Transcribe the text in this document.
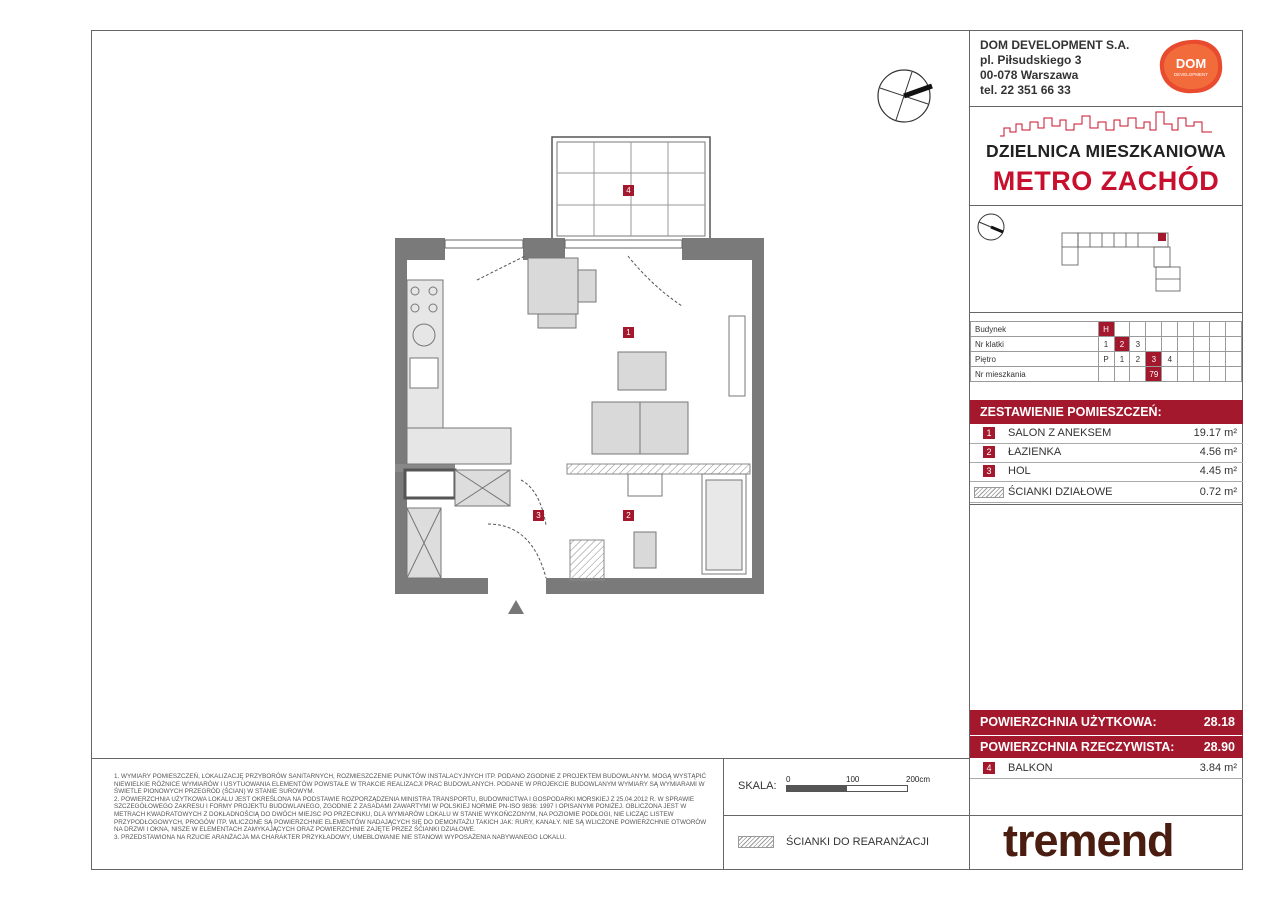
DOM DEVELOPMENT S.A.
pl. Piłsudskiego 3
00-078 Warszawa
tel. 22 351 66 33
DOM
DEVELOPMENT
DZIELNICA MIESZKANIOWA
METRO ZACHÓD
Budynek	H								
Nr klatki	1	2	3						
Piętro	P	1	2	3	4				
Nr mieszkania				79					
ZESTAWIENIE POMIESZCZEŃ:
1	SALON Z ANEKSEM	19.17 m²
2	ŁAZIENKA	4.56 m²
3	HOL	4.45 m²
ŚCIANKI DZIAŁOWE	0.72 m²
POWIERZCHNIA UŻYTKOWA:	28.18
POWIERZCHNIA RZECZYWISTA: 28.90
4	BALKON	3.84 m²

1. WYMIARY POMIESZCZEŃ, LOKALIZACJĘ PRZYBORÓW SANITARNYCH, ROZMIESZCZENIE PUNKTÓW INSTALACYJNYCH ITP. PODANO ZGODNIE Z PROJEKTEM BUDOWLANYM. MOGĄ WYSTĄPIĆ NIEWIELKIE RÓŻNICE WYMIARÓW I USYTUOWANIA ELEMENTÓW POWSTAŁE W TRAKCIE REALIZACJI PRAC BUDOWLANYCH. PODANE W PROJEKCIE BUDOWLANYM WYMIARY SĄ WYMIARAMI W ŚWIETLE PIONOWYCH PRZEGRÓD (ŚCIAN) W STANIE SUROWYM.

2. POWIERZCHNIA UŻYTKOWA LOKALU JEST OKREŚLONA NA PODSTAWIE ROZPORZĄDZENIA MINISTRA TRANSPORTU, BUDOWNICTWA I GOSPODARKI MORSKIEJ Z 25.04.2012 R. W SPRAWIE SZCZEGÓŁOWEGO ZAKRESU I FORMY PROJEKTU BUDOWLANEGO, ZGODNIE Z ZASADAMI ZAWARTYMI W POLSKIEJ NORMIE PN-ISO 9836: 1997 I OPISANYMI PONIŻEJ. OBLICZONA JEST W METRACH KWADRATOWYCH Z DOKŁADNOŚCIĄ DO DWÓCH MIEJSC PO PRZECINKU, DLA WYMIARÓW LOKALU W STANIE WYKOŃCZONYM, NA POZIOMIE PODŁOGI, NIE LICZĄC LISTEW PRZYPODŁOGOWYCH, PROGÓW ITP. WLICZONE SĄ POWIERZCHNIE ELEMENTÓW NADAJĄCYCH SIĘ DO DEMONTAŻU TAKICH JAK: RURY, KANAŁY. NIE SĄ WLICZONE POWIERZCHNIE OTWORÓW NA DRZWI I OKNA, NISZE W ELEMENTACH ZAMYKAJĄCYCH ORAZ POWIERZCHNIE ZAJĘTE PRZEZ ŚCIANKI DZIAŁOWE.

3. PRZEDSTAWIONA NA RZUCIE ARANŻACJA MA CHARAKTER PRZYKŁADOWY, UMEBLOWANIE NIE STANOWI WYPOSAŻENIA NABYWANEGO LOKALU.

SKALA:
0	100	200cm
ŚCIANKI DO REARANŻACJI tremend
4
1
2
3
